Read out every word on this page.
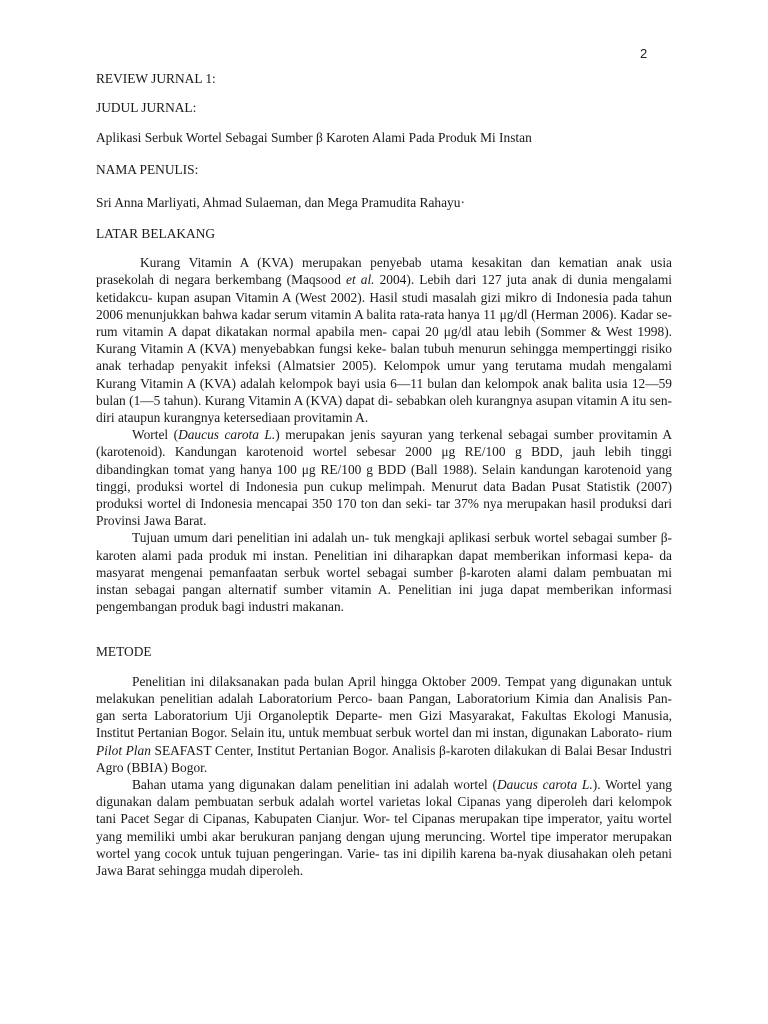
2

REVIEW JURNAL 1:

JUDUL JURNAL:

Aplikasi Serbuk Wortel Sebagai Sumber β Karoten Alami Pada Produk Mi Instan

NAMA PENULIS:

Sri Anna Marliyati, Ahmad Sulaeman, dan Mega Pramudita Rahayu·

LATAR BELAKANG

Kurang Vitamin A (KVA) merupakan penyebab utama kesakitan dan kematian anak usia prasekolah di negara berkembang (Maqsood et al. 2004). Lebih dari 127 juta anak di dunia mengalami ketidakcu- kupan asupan Vitamin A (West 2002). Hasil studi masalah gizi mikro di Indonesia pada tahun 2006 menunjukkan bahwa kadar serum vitamin A balita rata-rata hanya 11 μg/dl (Herman 2006). Kadar se- rum vitamin A dapat dikatakan normal apabila men- capai 20 μg/dl atau lebih (Sommer & West 1998). Kurang Vitamin A (KVA) menyebabkan fungsi keke- balan tubuh menurun sehingga mempertinggi risiko anak terhadap penyakit infeksi (Almatsier 2005). Kelompok umur yang terutama mudah mengalami Kurang Vitamin A (KVA) adalah kelompok bayi usia 6—11 bulan dan kelompok anak balita usia 12—59 bulan (1—5 tahun). Kurang Vitamin A (KVA) dapat di- sebabkan oleh kurangnya asupan vitamin A itu sen- diri ataupun kurangnya ketersediaan provitamin A.

Wortel (Daucus carota L.) merupakan jenis sayuran yang terkenal sebagai sumber provitamin A (karotenoid). Kandungan karotenoid wortel sebesar 2000 μg RE/100 g BDD, jauh lebih tinggi dibandingkan tomat yang hanya 100 μg RE/100 g BDD (Ball 1988). Selain kandungan karotenoid yang tinggi, produksi wortel di Indonesia pun cukup melimpah. Menurut data Badan Pusat Statistik (2007) produksi wortel di Indonesia mencapai 350 170 ton dan seki- tar 37% nya merupakan hasil produksi dari Provinsi Jawa Barat.

Tujuan umum dari penelitian ini adalah un- tuk mengkaji aplikasi serbuk wortel sebagai sumber β-karoten alami pada produk mi instan. Penelitian ini diharapkan dapat memberikan informasi kepa- da masyarat mengenai pemanfaatan serbuk wortel sebagai sumber β-karoten alami dalam pembuatan mi instan sebagai pangan alternatif sumber vitamin A. Penelitian ini juga dapat memberikan informasi pengembangan produk bagi industri makanan.

METODE

Penelitian ini dilaksanakan pada bulan April hingga Oktober 2009. Tempat yang digunakan untuk melakukan penelitian adalah Laboratorium Perco- baan Pangan, Laboratorium Kimia dan Analisis Pan- gan serta Laboratorium Uji Organoleptik Departe- men Gizi Masyarakat, Fakultas Ekologi Manusia, Institut Pertanian Bogor. Selain itu, untuk membuat serbuk wortel dan mi instan, digunakan Laborato- rium Pilot Plan SEAFAST Center, Institut Pertanian Bogor. Analisis β-karoten dilakukan di Balai Besar Industri Agro (BBIA) Bogor.

Bahan utama yang digunakan dalam penelitian ini adalah wortel (Daucus carota L.). Wortel yang digunakan dalam pembuatan serbuk adalah wortel varietas lokal Cipanas yang diperoleh dari kelompok tani Pacet Segar di Cipanas, Kabupaten Cianjur. Wor- tel Cipanas merupakan tipe imperator, yaitu wortel yang memiliki umbi akar berukuran panjang dengan ujung meruncing. Wortel tipe imperator merupakan wortel yang cocok untuk tujuan pengeringan. Varie- tas ini dipilih karena ba-nyak diusahakan oleh petani Jawa Barat sehingga mudah diperoleh.
